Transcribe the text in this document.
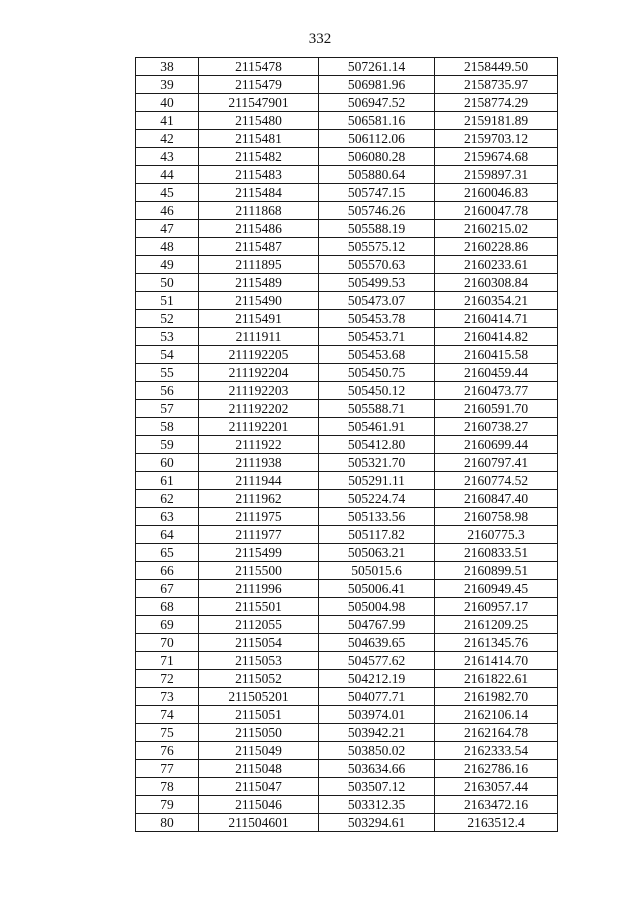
332
38	2115478	507261.14	2158449.50
39	2115479	506981.96	2158735.97
40	211547901	506947.52	2158774.29
41	2115480	506581.16	2159181.89
42	2115481	506112.06	2159703.12
43	2115482	506080.28	2159674.68
44	2115483	505880.64	2159897.31
45	2115484	505747.15	2160046.83
46	2111868	505746.26	2160047.78
47	2115486	505588.19	2160215.02
48	2115487	505575.12	2160228.86
49	2111895	505570.63	2160233.61
50	2115489	505499.53	2160308.84
51	2115490	505473.07	2160354.21
52	2115491	505453.78	2160414.71
53	2111911	505453.71	2160414.82
54	211192205	505453.68	2160415.58
55	211192204	505450.75	2160459.44
56	211192203	505450.12	2160473.77
57	211192202	505588.71	2160591.70
58	211192201	505461.91	2160738.27
59	2111922	505412.80	2160699.44
60	2111938	505321.70	2160797.41
61	2111944	505291.11	2160774.52
62	2111962	505224.74	2160847.40
63	2111975	505133.56	2160758.98
64	2111977	505117.82	2160775.3
65	2115499	505063.21	2160833.51
66	2115500	505015.6	2160899.51
67	2111996	505006.41	2160949.45
68	2115501	505004.98	2160957.17
69	2112055	504767.99	2161209.25
70	2115054	504639.65	2161345.76
71	2115053	504577.62	2161414.70
72	2115052	504212.19	2161822.61
73	211505201	504077.71	2161982.70
74	2115051	503974.01	2162106.14
75	2115050	503942.21	2162164.78
76	2115049	503850.02	2162333.54
77	2115048	503634.66	2162786.16
78	2115047	503507.12	2163057.44
79	2115046	503312.35	2163472.16
80	211504601	503294.61	2163512.4
